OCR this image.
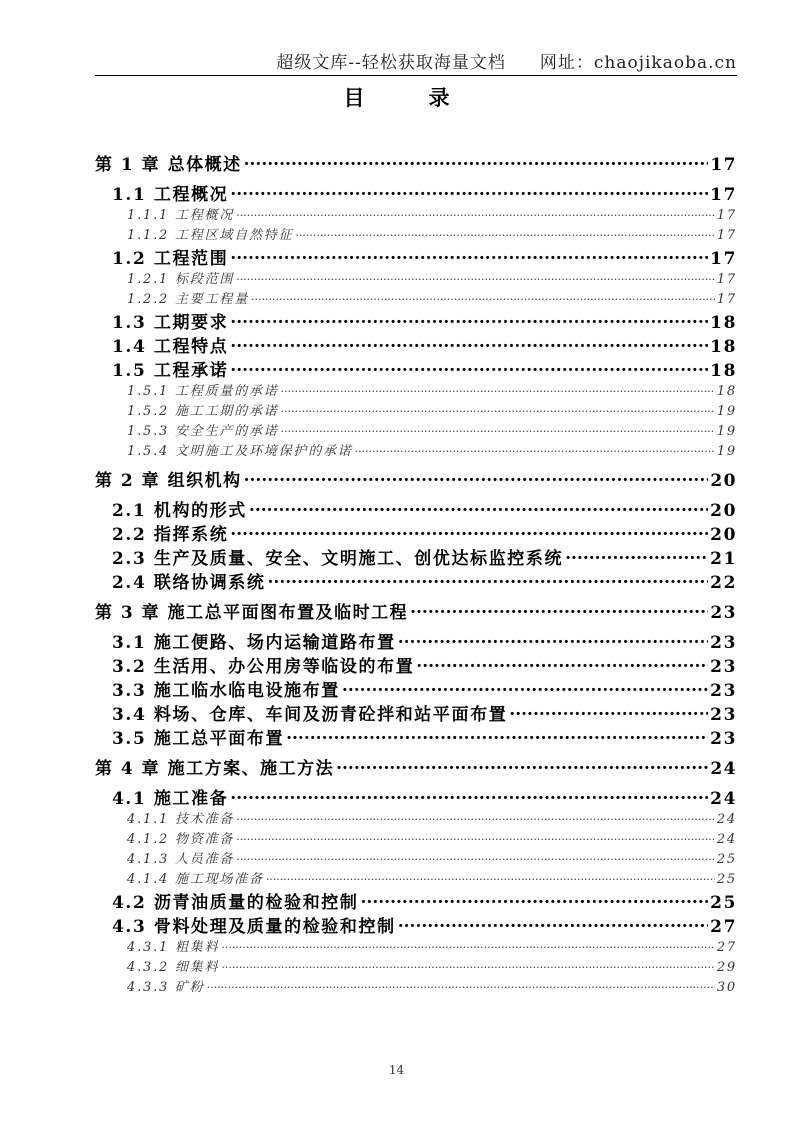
超级文库--轻松获取海量文档 网址：chaojikaoba.cn
目	录
第 1 章 总体概述 .....	17
1.1 工程概况 .....	17
1.1.1 工程概况 .....	17
1.1.2 工程区域自然特征 .....	17
1.2 工程范围 .....	17
1.2.1 标段范围 .....	17
1.2.2 主要工程量 .....	17
1.3 工期要求 .....	18
1.4 工程特点 .....	18
1.5 工程承诺 .....	18
1.5.1 工程质量的承诺 .....	18
1.5.2 施工工期的承诺 .....	19
1.5.3 安全生产的承诺 .....	19
1.5.4 文明施工及环境保护的承诺 .....	19
第 2 章 组织机构 .....	20
2.1 机构的形式 .....	20
2.2 指挥系统 .....	20
2.3 生产及质量、安全、文明施工、创优达标监控系统 .....	21
2.4 联络协调系统 .....	22
第 3 章 施工总平面图布置及临时工程 .....	23
3.1 施工便路、场内运输道路布置 .....	23
3.2 生活用、办公用房等临设的布置 .....	23
3.3 施工临水临电设施布置 .....	23
3.4 料场、仓库、车间及沥青砼拌和站平面布置 .....	23
3.5 施工总平面布置 .....	23
第 4 章 施工方案、施工方法 .....	24
4.1 施工准备 .....	24
4.1.1 技术准备 .....	24
4.1.2 物资准备 .....	24
4.1.3 人员准备 .....	25
4.1.4 施工现场准备 .....	25
4.2 沥青油质量的检验和控制 .....	25
4.3 骨料处理及质量的检验和控制 .....	27
4.3.1 粗集料 .....	27
4.3.2 细集料 .....	29
4.3.3 矿粉 .....	30
14
